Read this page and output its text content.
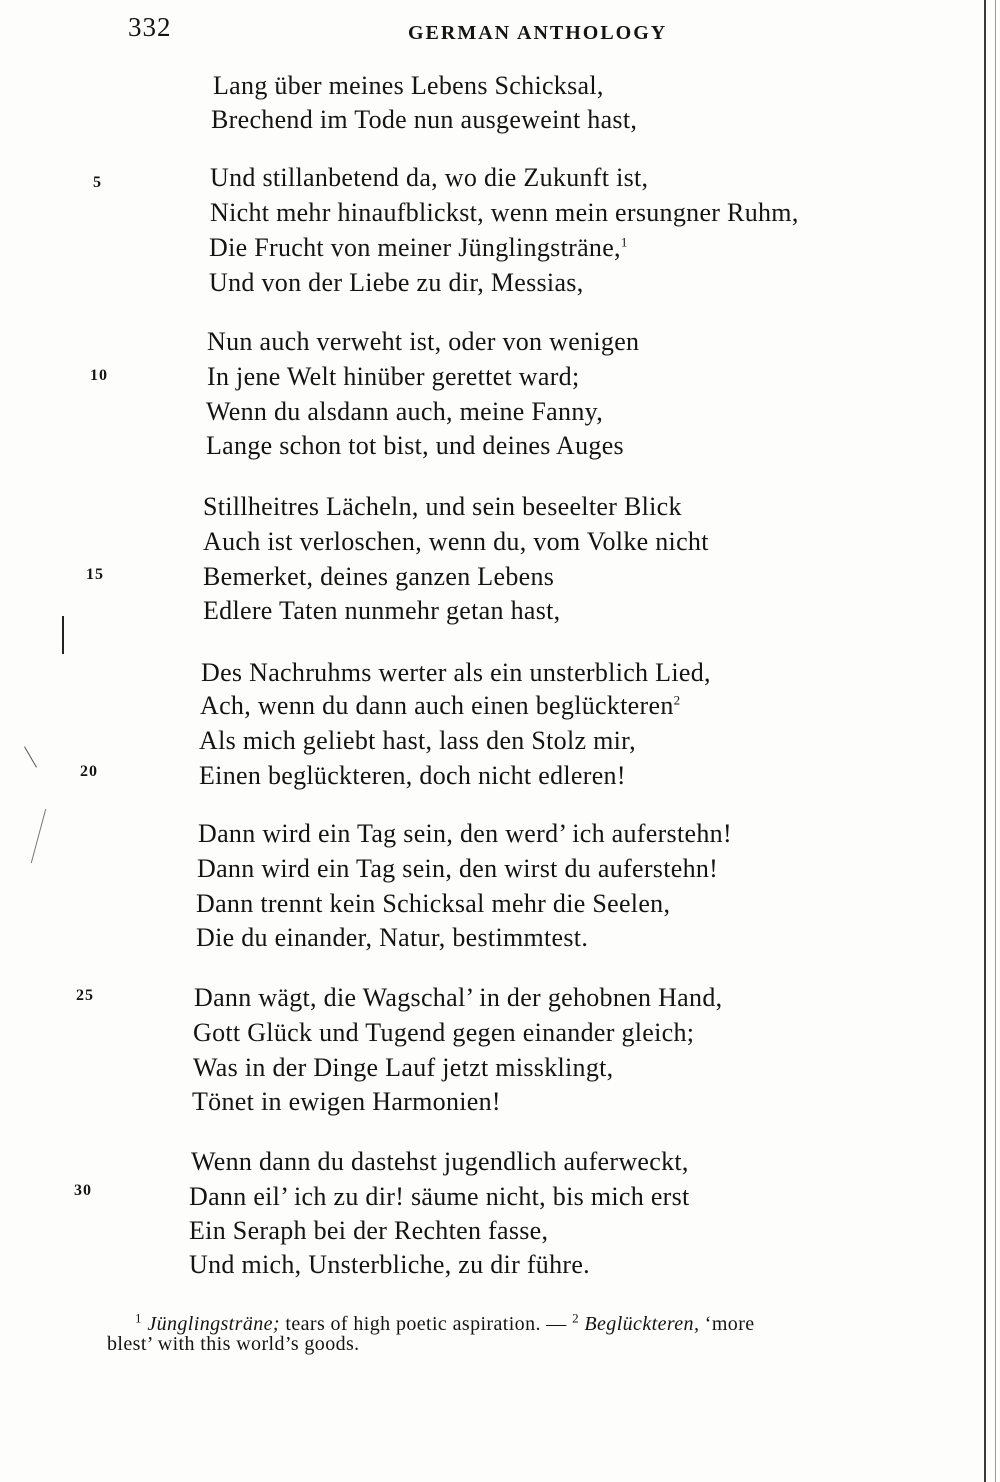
332	GERMAN ANTHOLOGY
Lang über meines Lebens Schicksal,
Brechend im Tode nun ausgeweint hast,
5	Und stillanbetend da, wo die Zukunft ist,
Nicht mehr hinaufblickst, wenn mein ersungner Ruhm,
Die Frucht von meiner Jünglingsträne,$^1$
Und von der Liebe zu dir, Messias,
10
Nun auch verweht ist, oder von wenigen
In jene Welt hinüber gerettet ward;
Wenn du alsdann auch, meine Fanny,
Lange schon tot bist, und deines Auges
15
Stillheitres Lächeln, und sein beseelter Blick
Auch ist verloschen, wenn du, vom Volke nicht
Bemerket, deines ganzen Lebens
Edlere Taten nunmehr getan hast,
20
Des Nachruhms werter als ein unsterblich Lied,
Ach, wenn du dann auch einen beglückteren$^2$
Als mich geliebt hast, lass den Stolz mir,
Einen beglückteren, doch nicht edleren!
Dann wird ein Tag sein, den werd’ ich auferstehn!
Dann wird ein Tag sein, den wirst du auferstehn!
Dann trennt kein Schicksal mehr die Seelen,
Die du einander, Natur, bestimmtest.
25	Dann wägt, die Wagschal’ in der gehobnen Hand,
Gott Glück und Tugend gegen einander gleich;
Was in der Dinge Lauf jetzt missklingt,
Tönet in ewigen Harmonien!
30
Wenn dann du dastehst jugendlich auferweckt,
Dann eil’ ich zu dir! säume nicht, bis mich erst
Ein Seraph bei der Rechten fasse,
Und mich, Unsterbliche, zu dir führe.
$^1$ Jünglingsträne; tears of high poetic aspiration. — $^2$ Beglückteren, ‘more
blest’ with this world’s goods.
